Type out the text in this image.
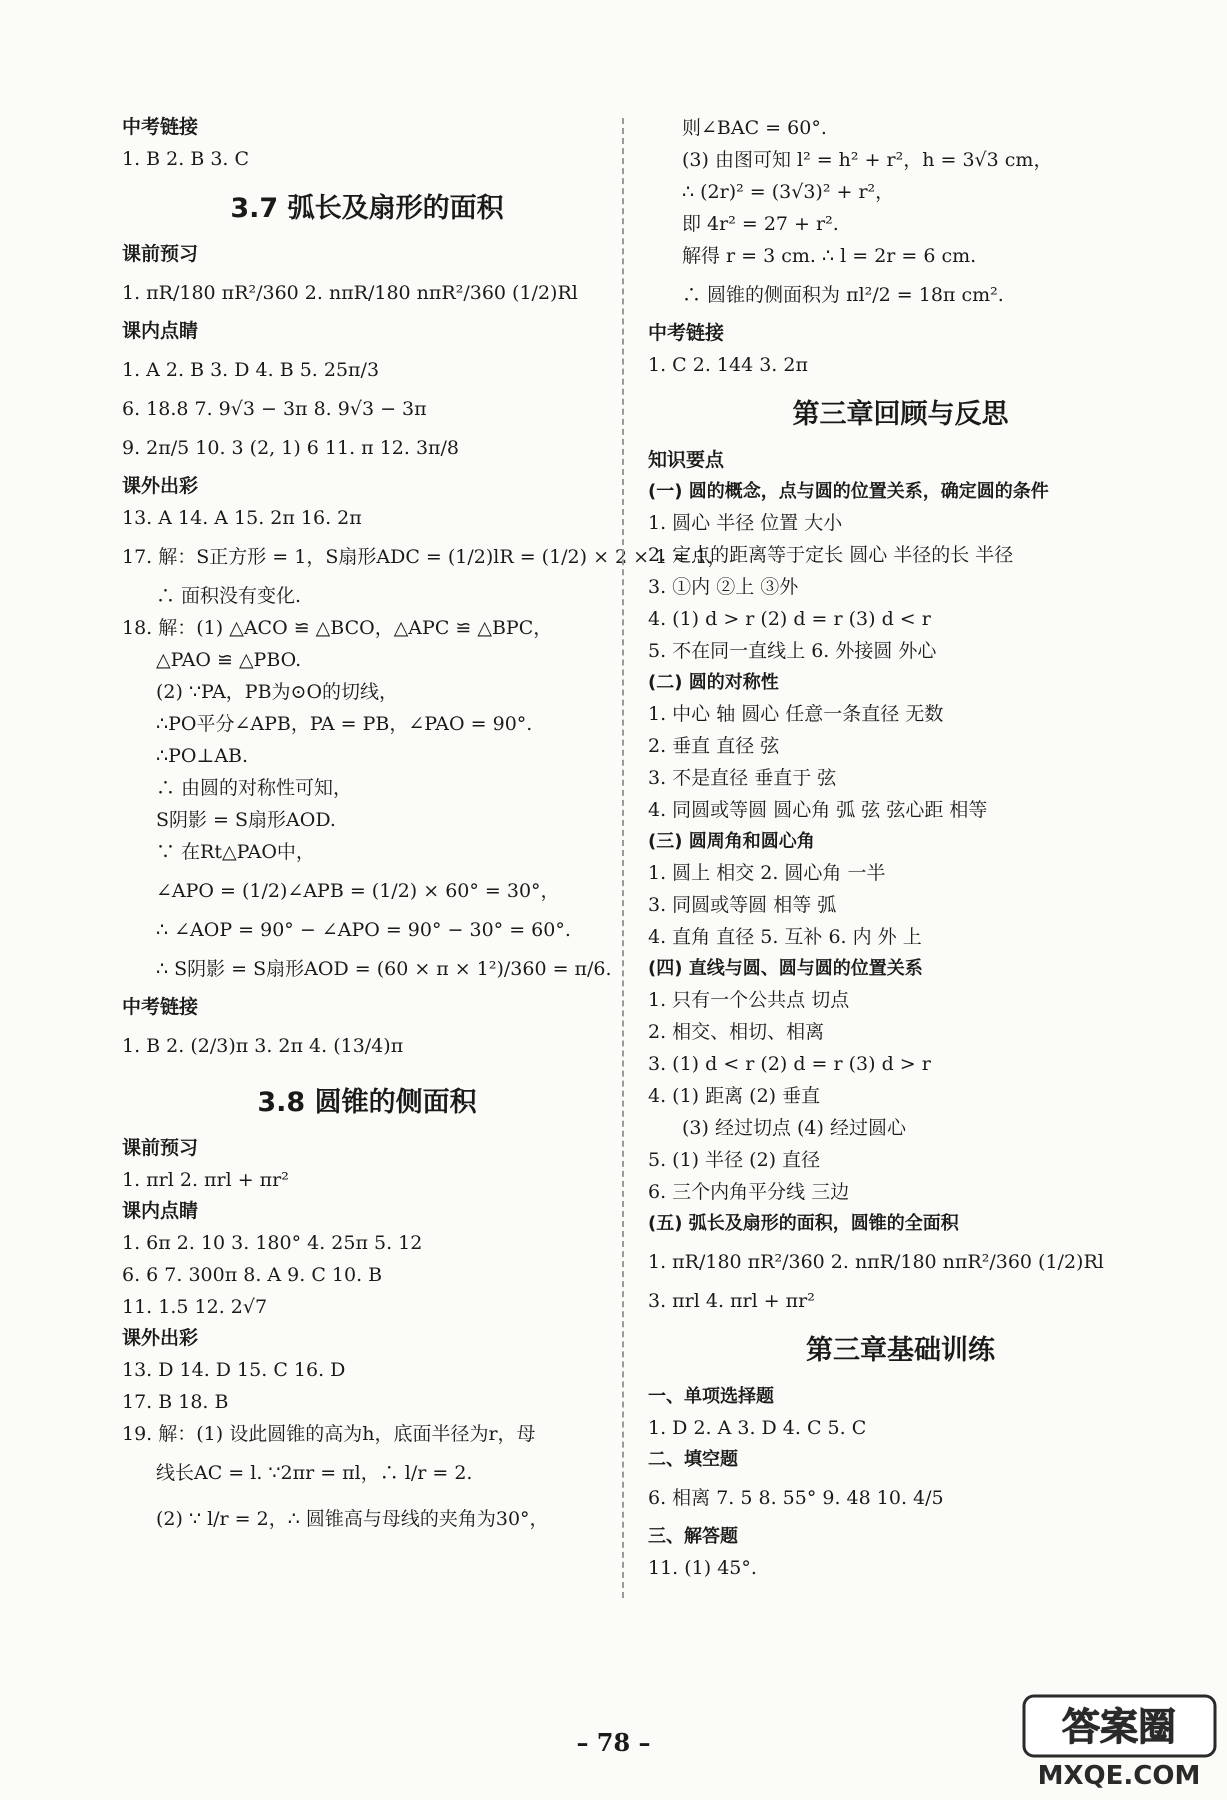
中考链接
1. B 2. B 3. C
3.7 弧长及扇形的面积
课前预习
1. πR/180 πR²/360 2. nπR/180 nπR²/360 (1/2)Rl
课内点睛
1. A 2. B 3. D 4. B 5. 25π/3
6. 18.8 7. 9√3 − 3π 8. 9√3 − 3π
9. 2π/5 10. 3 (2, 1) 6 11. π 12. 3π/8
课外出彩
13. A 14. A 15. 2π 16. 2π
17. 解：S正方形 = 1，S扇形ADC = (1/2)lR = (1/2) × 2 × 1 = 1，
∴ 面积没有变化.
18. 解：(1) △ACO ≌ △BCO，△APC ≌ △BPC，
△PAO ≌ △PBO.
(2) ∵PA，PB为⊙O的切线，
∴PO平分∠APB，PA = PB，∠PAO = 90°.
∴PO⊥AB.
∴ 由圆的对称性可知，
S阴影 = S扇形AOD.
∵ 在Rt△PAO中，
∠APO = (1/2)∠APB = (1/2) × 60° = 30°，
∴ ∠AOP = 90° − ∠APO = 90° − 30° = 60°.
∴ S阴影 = S扇形AOD = (60 × π × 1²)/360 = π/6.
中考链接
1. B 2. (2/3)π 3. 2π 4. (13/4)π
3.8 圆锥的侧面积
课前预习
1. πrl 2. πrl + πr²
课内点睛
1. 6π 2. 10 3. 180° 4. 25π 5. 12
6. 6 7. 300π 8. A 9. C 10. B
11. 1.5 12. 2√7
课外出彩
13. D 14. D 15. C 16. D
17. B 18. B
19. 解：(1) 设此圆锥的高为h，底面半径为r，母
线长AC = l. ∵2πr = πl，∴ l/r = 2.
(2) ∵ l/r = 2，∴ 圆锥高与母线的夹角为30°，
则∠BAC = 60°.
(3) 由图可知 l² = h² + r²，h = 3√3 cm，
∴ (2r)² = (3√3)² + r²，
即 4r² = 27 + r².
解得 r = 3 cm. ∴ l = 2r = 6 cm.
∴ 圆锥的侧面积为 πl²/2 = 18π cm².
中考链接
1. C 2. 144 3. 2π
第三章回顾与反思
知识要点
(一) 圆的概念，点与圆的位置关系，确定圆的条件
1. 圆心 半径 位置 大小
2. 定点的距离等于定长 圆心 半径的长 半径
3. ①内 ②上 ③外
4. (1) d > r (2) d = r (3) d < r
5. 不在同一直线上 6. 外接圆 外心
(二) 圆的对称性
1. 中心 轴 圆心 任意一条直径 无数
2. 垂直 直径 弦
3. 不是直径 垂直于 弦
4. 同圆或等圆 圆心角 弧 弦 弦心距 相等
(三) 圆周角和圆心角
1. 圆上 相交 2. 圆心角 一半
3. 同圆或等圆 相等 弧
4. 直角 直径 5. 互补 6. 内 外 上
(四) 直线与圆、圆与圆的位置关系
1. 只有一个公共点 切点
2. 相交、相切、相离
3. (1) d < r (2) d = r (3) d > r
4. (1) 距离 (2) 垂直
(3) 经过切点 (4) 经过圆心
5. (1) 半径 (2) 直径
6. 三个内角平分线 三边
(五) 弧长及扇形的面积，圆锥的全面积
1. πR/180 πR²/360 2. nπR/180 nπR²/360 (1/2)Rl
3. πrl 4. πrl + πr²
第三章基础训练
一、单项选择题
1. D 2. A 3. D 4. C 5. C
二、填空题
6. 相离 7. 5 8. 55° 9. 48 10. 4/5
三、解答题
11. (1) 45°.
– 78 –	答案圈
MXQE.COM
